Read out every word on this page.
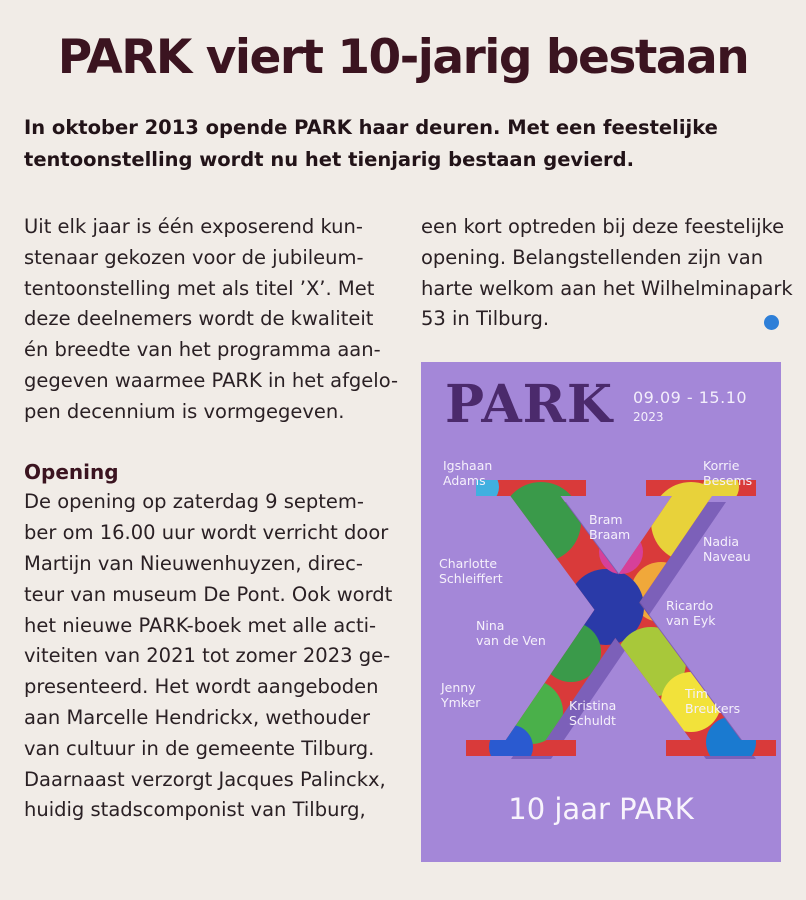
PARK viert 10-jarig bestaan

In oktober 2013 opende PARK haar deuren. Met een feestelijke
tentoonstelling wordt nu het tienjarig bestaan gevierd.

Uit elk jaar is één exposerend kun-
stenaar gekozen voor de jubileum-
tentoonstelling met als titel ’X’. Met
deze deelnemers wordt de kwaliteit
én breedte van het programma aan-
gegeven waarmee PARK in het afgelo-
pen decennium is vormgegeven.
Opening
De opening op zaterdag 9 septem-
ber om 16.00 uur wordt verricht door
Martijn van Nieuwenhuyzen, direc-
teur van museum De Pont. Ook wordt
het nieuwe PARK-boek met alle acti-
viteiten van 2021 tot zomer 2023 ge-
presenteerd. Het wordt aangeboden
aan Marcelle Hendrickx, wethouder
van cultuur in de gemeente Tilburg.
Daarnaast verzorgt Jacques Palinckx,
huidig stadscomponist van Tilburg,
een kort optreden bij deze feestelijke
opening. Belangstellenden zijn van
harte welkom aan het Wilhelminapark
53 in Tilburg.
PARK 09.09 - 15.10
2023
Igshaan
Adams
Korrie
Besems
Bram
Braam
Charlotte
Schleiffert
Nadia
Naveau
Ricardo
van Eyk
Nina
van de Ven
Jenny
Ymker	Kristina
Schuldt
Tim
Breukers
10 jaar PARK
